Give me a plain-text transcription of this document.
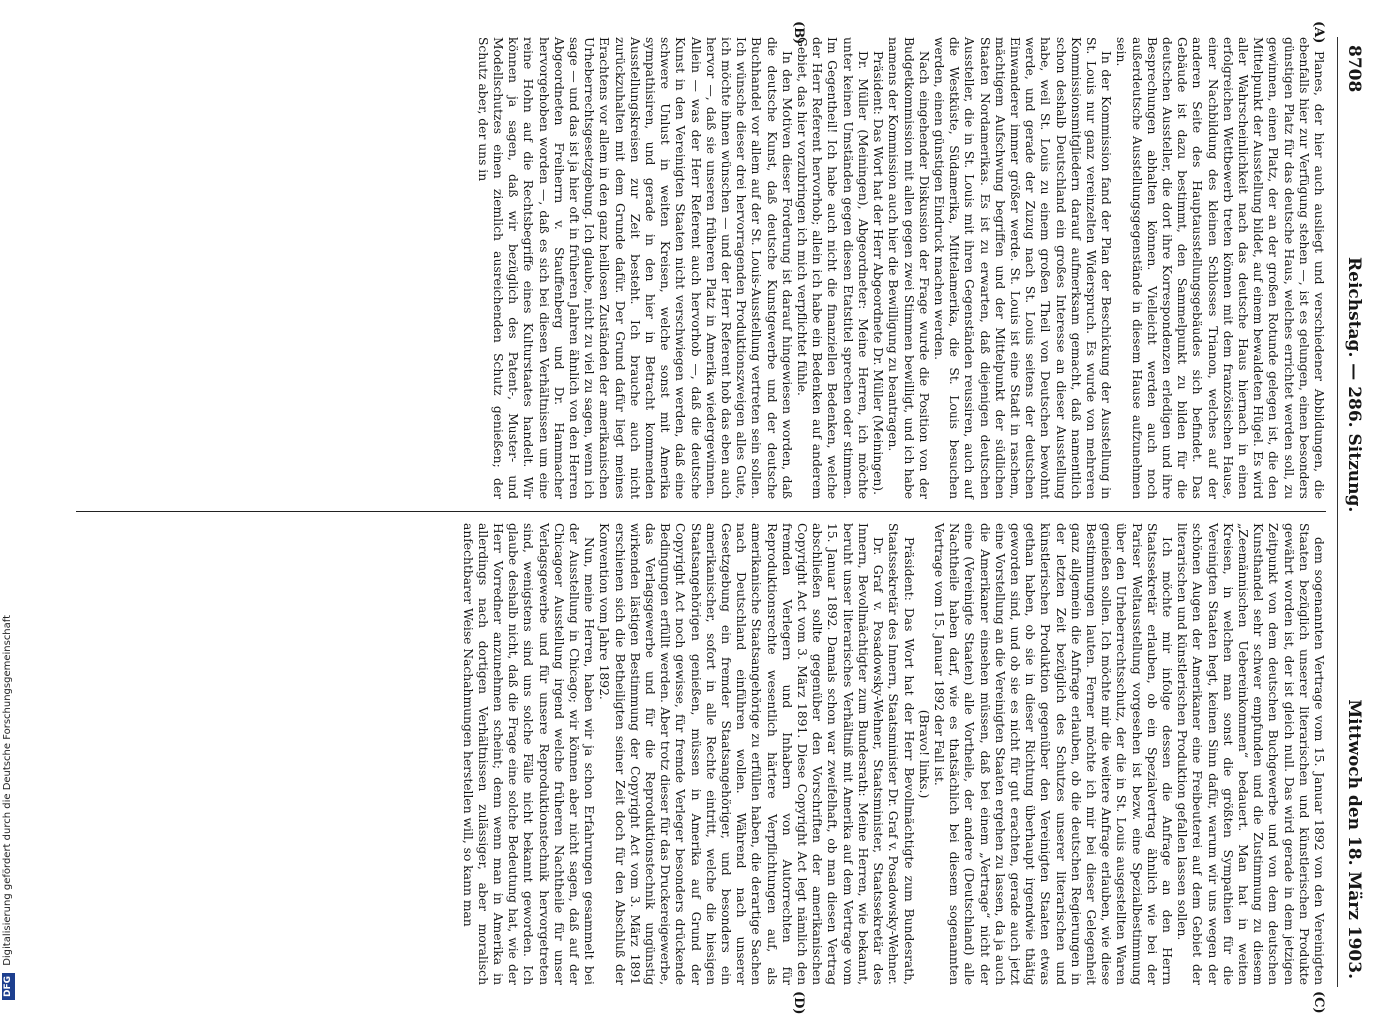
8708
Reichstag. — 286. Sitzung.
Mittwoch den 18. März 1903.
(A)
(B)
(C)
(D)

Planes, der hier auch ausliegt und verschiedener Abbildungen, die ebenfalls hier zur Verfügung stehen —, ist es gelungen, einen besonders günstigen Platz für das deutsche Haus, welches errichtet werden soll, zu gewinnen, einen Platz, der an der großen Rotunde gelegen ist, die den Mittelpunkt der Ausstellung bildet, auf einem bewaldeten Hügel. Es wird aller Wahrscheinlichkeit nach das deutsche Haus hiernach in einen erfolgreichen Wettbewerb treten können mit dem französischen Hause, einer Nachbildung des kleinen Schlosses Trianon, welches auf der anderen Seite des Hauptausstellungsgebäudes sich befindet. Das Gebäude ist dazu bestimmt, den Sammelpunkt zu bilden für die deutschen Aussteller, die dort ihre Korrespondenzen erledigen und ihre Besprechungen abhalten können. Vielleicht werden auch noch außerdeutsche Ausstellungsgegenstände in diesem Hause aufzunehmen sein.

In der Kommission fand der Plan der Beschickung der Ausstellung in St. Louis nur ganz vereinzelten Widerspruch. Es wurde von mehreren Kommissionsmitgliedern darauf aufmerksam gemacht, daß namentlich schon deshalb Deutschland ein großes Interesse an dieser Ausstellung habe, weil St. Louis zu einem großen Theil von Deutschen bewohnt werde, und gerade der Zuzug nach St. Louis seitens der deutschen Einwanderer immer größer werde. St. Louis ist eine Stadt in raschem, mächtigem Aufschwung begriffen und der Mittelpunkt der südlichen Staaten Nordamerikas. Es ist zu erwarten, daß diejenigen deutschen Aussteller, die in St. Louis mit ihren Gegenständen reussiren, auch auf die Westküste, Südamerika, Mittelamerika, die St. Louis besuchen werden, einen günstigen Eindruck machen werden.

Nach eingehender Diskussion der Frage wurde die Position von der Budgetkommission mit allen gegen zwei Stimmen bewilligt, und ich habe namens der Kommission auch hier die Bewilligung zu beantragen.

Präsident: Das Wort hat der Herr Abgeordnete Dr. Müller (Meiningen).

Dr. Müller (Meiningen), Abgeordneter: Meine Herren, ich möchte unter keinen Umständen gegen diesen Etatstitel sprechen oder stimmen. Im Gegentheil! Ich habe auch nicht die finanziellen Bedenken, welche der Herr Referent hervorhob; allein ich habe ein Bedenken auf anderem Gebiet, das hier vorzubringen ich mich verpflichtet fühle.

In den Motiven dieser Forderung ist darauf hingewiesen worden, daß die deutsche Kunst, daß deutsche Kunstgewerbe und der deutsche Buchhandel vor allem auf der St. Louis-Ausstellung vertreten sein sollen. Ich wünsche dieser drei hervorragenden Produktionszweigen alles Gute, ich möchte ihnen wünschen — und der Herr Referent hob das eben auch hervor —, daß sie unseren früheren Platz in Amerika wiedergewinnen. Allein — was der Herr Referent auch hervorhob —, daß die deutsche Kunst in den Vereinigten Staaten nicht verschwiegen werden, daß eine schwere Unlust in weiten Kreisen, welche sonst mit Amerika sympathisiren, und gerade in den hier in Betracht kommenden Ausstellungskreisen zur Zeit besteht. Ich brauche auch nicht zurückzuhalten mit dem Grunde dafür. Der Grund dafür liegt meines Erachtens vor allem in den ganz heillosen Zuständen der amerikanischen Urheberrechtsgesetzgebung. Ich glaube, nicht zu viel zu sagen, wenn ich sage — und das ist ja hier oft in früheren Jahren ähnlich von den Herren Abgeordneten Freiherrn v. Stauffenberg und Dr. Hammacher hervorgehoben worden —, daß es sich bei diesen Verhältnissen um eine reine Hohn auf die Rechtsbegriffe eines Kulturstaates handelt. Wir können ja sagen, daß wir bezüglich des Patent-, Muster- und Modellschutzes einen ziemlich ausreichenden Schutz genießen; der Schutz aber, der uns in

dem sogenannten Vertrage vom 15. Januar 1892 von den Vereinigten Staaten bezüglich unserer literarischen und künstlerischen Produkte gewährt worden ist, der ist gleich null. Das wird gerade in dem jetzigen Zeitpunkt von dem deutschen Buchgewerbe und von dem deutschen Kunsthandel sehr schwer empfunden und die Zustimmung zu diesem „Zeemännischen Uebereinkommen“ bedauert. Man hat in weiten Kreisen, in welchen man sonst die größten Sympathien für die Vereinigten Staaten hegt, keinen Sinn dafür, warum wir uns wegen der schönen Augen der Amerikaner eine Freibeuterei auf dem Gebiet der literarischen und künstlerischen Produktion gefallen lassen sollen.

Ich möchte mir infolge dessen die Anfrage an den Herrn Staatssekretär erlauben, ob ein Spezialvertrag ähnlich wie bei der Pariser Weltausstellung vorgesehen ist bezw. eine Spezialbestimmung über den Urheberrechtsschutz, der die in St. Louis ausgestellten Waren genießen sollen. Ich möchte mir die weitere Anfrage erlauben, wie diese Bestimmungen lauten. Ferner möchte ich mir bei dieser Gelegenheit ganz allgemein die Anfrage erlauben, ob die deutschen Regierungen in der letzten Zeit bezüglich des Schutzes unserer literarischen und künstlerischen Produktion gegenüber den Vereinigten Staaten etwas gethan haben, ob sie in dieser Richtung überhaupt irgendwie thätig geworden sind, und ob sie es nicht für gut erachten, gerade auch jetzt eine Vorstellung an die Vereinigten Staaten ergehen zu lassen, da ja auch die Amerikaner einsehen müssen, daß bei einem „Vertrage“ nicht der eine (Vereinigte Staaten) alle Vortheile, der andere (Deutschland) alle Nachtheile haben darf, wie es thatsächlich bei diesem sogenannten Vertrage vom 15. Januar 1892 der Fall ist.

(Bravo! links.)

Präsident: Das Wort hat der Herr Bevollmächtigte zum Bundesrath, Staatssekretär des Innern, Staatsminister Dr. Graf v. Posadowsky-Wehner.

Dr. Graf v. Posadowsky-Wehner, Staatsminister, Staatssekretär des Innern, Bevollmächtigter zum Bundesrath: Meine Herren, wie bekannt, beruht unser literarisches Verhältniß mit Amerika auf dem Vertrage vom 15. Januar 1892. Damals schon war zweifelhaft, ob man diesen Vertrag abschließen sollte gegenüber den Vorschriften der amerikanischen Copyright Act vom 3. März 1891. Diese Copyright Act legt nämlich den fremden Verlegern und Inhabern von Autorrechten für Reproduktionsrechte wesentlich härtere Verpflichtungen auf, als amerikanische Staatsangehörige zu erfüllen haben, die derartige Sachen nach Deutschland einführen wollen. Während nach unserer Gesetzgebung ein fremder Staatsangehöriger, und besonders ein amerikanischer, sofort in alle Rechte eintritt, welche die hiesigen Staatsangehörigen genießen, müssen in Amerika auf Grund der Copyright Act noch gewisse, für fremde Verleger besonders drückende Bedingungen erfüllt werden. Aber trotz dieser für das Druckereigewerbe, das Verlagsgewerbe und für die Reproduktionstechnik ungünstig wirkenden lästigen Bestimmung der Copyright Act vom 3. März 1891 erschienen sich die Betheiligten seiner Zeit doch für den Abschluß der Konvention vom Jahre 1892.

Nun, meine Herren, haben wir ja schon Erfahrungen gesammelt bei der Ausstellung in Chicago; wir können aber nicht sagen, daß auf der Chicagoer Ausstellung irgend welche früheren Nachtheile für unser Verlagsgewerbe und für unsere Reproduktionstechnik hervorgetreten sind, wenigstens sind uns solche Fälle nicht bekannt geworden. Ich glaube deshalb nicht, daß die Frage eine solche Bedeutung hat, wie der Herr Vorredner anzunehmen scheint; denn wenn man in Amerika in allerdings nach dortigen Verhältnissen zulässiger, aber moralisch anfechtbarer Weise Nachahmungen herstellen will, so kann man

DFG Digitalisierung gefördert durch die Deutsche Forschungsgemeinschaft
